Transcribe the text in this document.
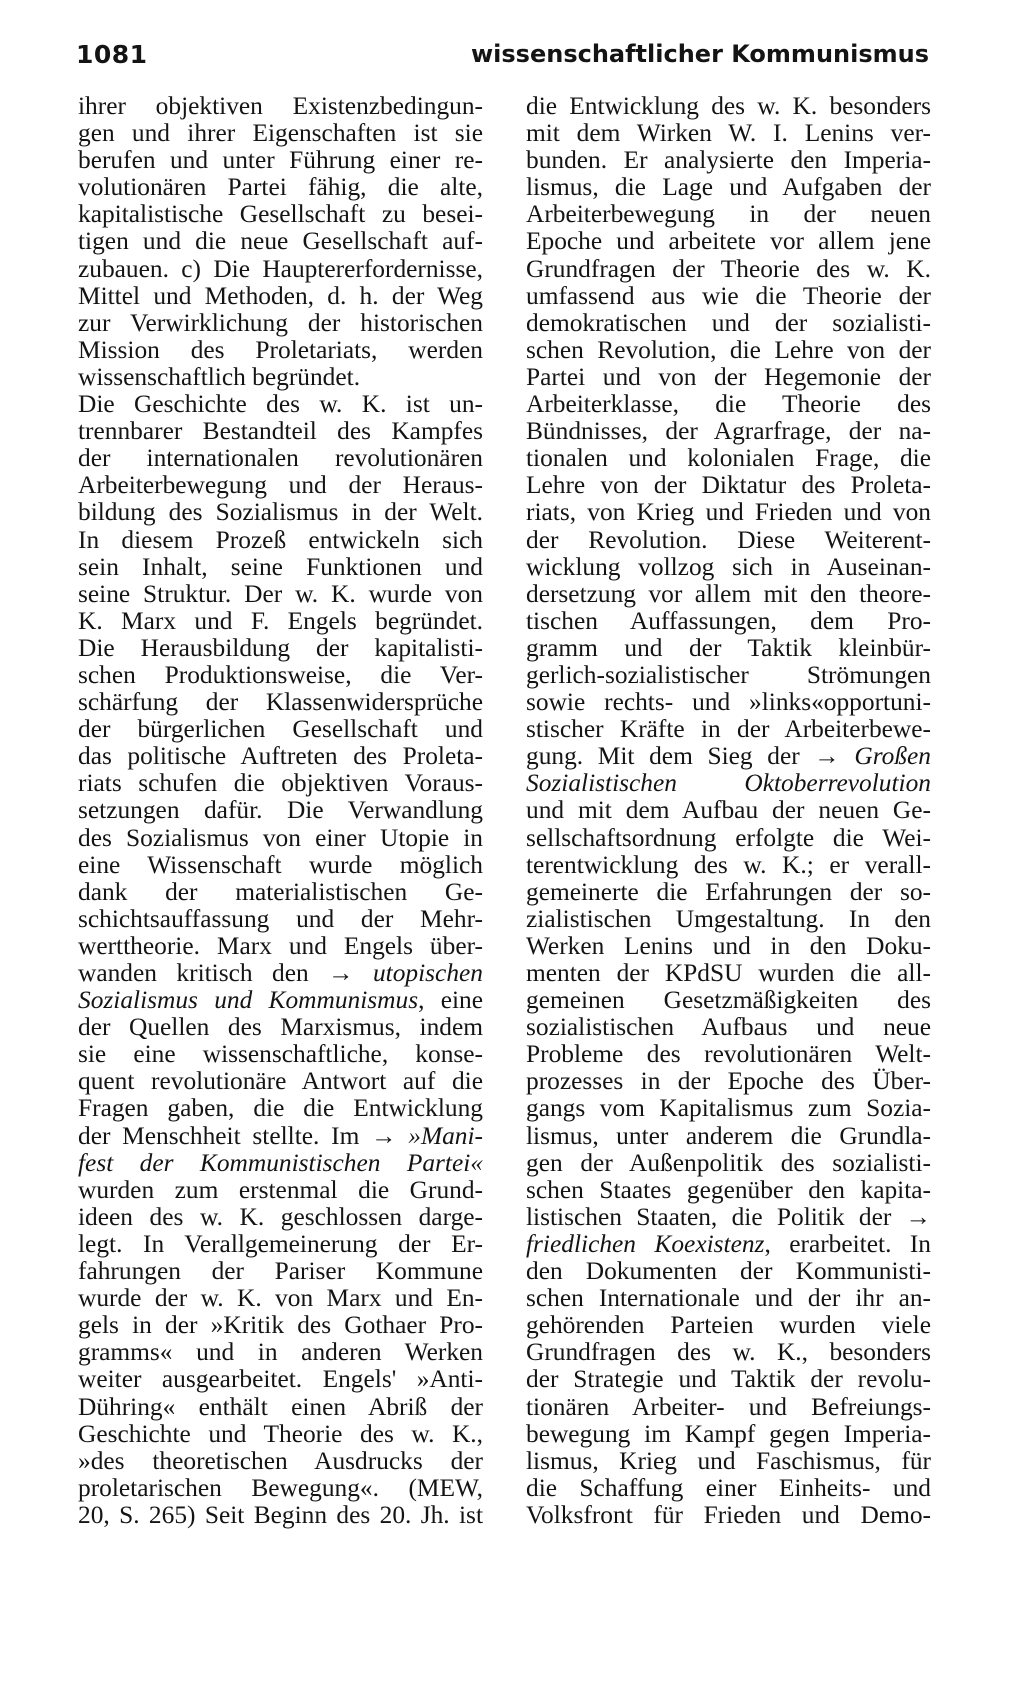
1081	wissenschaftlicher Kommunismus
ihrer objektiven Existenzbedingun-
gen und ihrer Eigenschaften ist sie
berufen und unter Führung einer re-
volutionären Partei fähig, die alte,
kapitalistische Gesellschaft zu besei-
tigen und die neue Gesellschaft auf-
zubauen. c) Die Hauptererfordernisse,
Mittel und Methoden, d. h. der Weg
zur Verwirklichung der historischen
Mission des Proletariats, werden
wissenschaftlich begründet.
Die Geschichte des w. K. ist un-
trennbarer Bestandteil des Kampfes
der internationalen revolutionären
Arbeiterbewegung und der Heraus-
bildung des Sozialismus in der Welt.
In diesem Prozeß entwickeln sich
sein Inhalt, seine Funktionen und
seine Struktur. Der w. K. wurde von
K. Marx und F. Engels begründet.
Die Herausbildung der kapitalisti-
schen Produktionsweise, die Ver-
schärfung der Klassenwidersprüche
der bürgerlichen Gesellschaft und
das politische Auftreten des Proleta-
riats schufen die objektiven Voraus-
setzungen dafür. Die Verwandlung
des Sozialismus von einer Utopie in
eine Wissenschaft wurde möglich
dank der materialistischen Ge-
schichtsauffassung und der Mehr-
werttheorie. Marx und Engels über-
wanden kritisch den → utopischen
Sozialismus und Kommunismus, eine
der Quellen des Marxismus, indem
sie eine wissenschaftliche, konse-
quent revolutionäre Antwort auf die
Fragen gaben, die die Entwicklung
der Menschheit stellte. Im → »Mani-
fest der Kommunistischen Partei«
wurden zum erstenmal die Grund-
ideen des w. K. geschlossen darge-
legt. In Verallgemeinerung der Er-
fahrungen der Pariser Kommune
wurde der w. K. von Marx und En-
gels in der »Kritik des Gothaer Pro-
gramms« und in anderen Werken
weiter ausgearbeitet. Engels' »Anti-
Dühring« enthält einen Abriß der
Geschichte und Theorie des w. K.,
»des theoretischen Ausdrucks der
proletarischen Bewegung«. (MEW,
20, S. 265) Seit Beginn des 20. Jh. ist
die Entwicklung des w. K. besonders
mit dem Wirken W. I. Lenins ver-
bunden. Er analysierte den Imperia-
lismus, die Lage und Aufgaben der
Arbeiterbewegung in der neuen
Epoche und arbeitete vor allem jene
Grundfragen der Theorie des w. K.
umfassend aus wie die Theorie der
demokratischen und der sozialisti-
schen Revolution, die Lehre von der
Partei und von der Hegemonie der
Arbeiterklasse, die Theorie des
Bündnisses, der Agrarfrage, der na-
tionalen und kolonialen Frage, die
Lehre von der Diktatur des Proleta-
riats, von Krieg und Frieden und von
der Revolution. Diese Weiterent-
wicklung vollzog sich in Auseinan-
dersetzung vor allem mit den theore-
tischen Auffassungen, dem Pro-
gramm und der Taktik kleinbür-
gerlich-sozialistischer Strömungen
sowie rechts- und »links«opportuni-
stischer Kräfte in der Arbeiterbewe-
gung. Mit dem Sieg der → Großen
Sozialistischen Oktoberrevolution
und mit dem Aufbau der neuen Ge-
sellschaftsordnung erfolgte die Wei-
terentwicklung des w. K.; er verall-
gemeinerte die Erfahrungen der so-
zialistischen Umgestaltung. In den
Werken Lenins und in den Doku-
menten der KPdSU wurden die all-
gemeinen Gesetzmäßigkeiten des
sozialistischen Aufbaus und neue
Probleme des revolutionären Welt-
prozesses in der Epoche des Über-
gangs vom Kapitalismus zum Sozia-
lismus, unter anderem die Grundla-
gen der Außenpolitik des sozialisti-
schen Staates gegenüber den kapita-
listischen Staaten, die Politik der →
friedlichen Koexistenz, erarbeitet. In
den Dokumenten der Kommunisti-
schen Internationale und der ihr an-
gehörenden Parteien wurden viele
Grundfragen des w. K., besonders
der Strategie und Taktik der revolu-
tionären Arbeiter- und Befreiungs-
bewegung im Kampf gegen Imperia-
lismus, Krieg und Faschismus, für
die Schaffung einer Einheits- und
Volksfront für Frieden und Demo-
